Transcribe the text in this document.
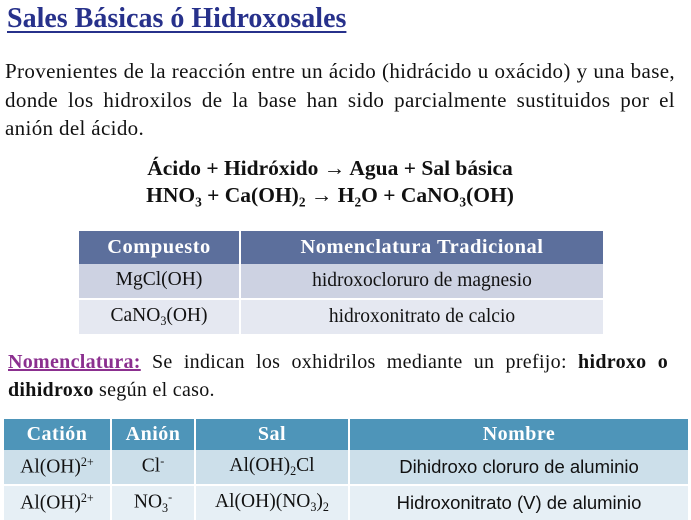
Sales Básicas ó Hidroxosales
Provenientes de la reacción entre un ácido (hidrácido u oxácido) y una base, donde los hidroxilos de la base han sido parcialmente sustituidos por el anión del ácido.
Ácido + Hidróxido → Agua + Sal básica
$HNO_3 + Ca(OH)_2 \to H_2O$ + CaNO$_3$(OH)
Compuesto	Nomenclatura Tradicional
MgCl(OH)	hidroxocloruro de magnesio
CaNO$_3$(OH)	hidroxonitrato de calcio
Nomenclatura: Se indican los oxhidrilos mediante un prefijo: hidroxo o dihidroxo según el caso.
Catión	Anión	Sal	Nombre
Al(OH)$^{2+}$	Cl-	$Al(OH)_2Cl$	Dihidroxo cloruro de aluminio
Al(OH)$^{2+}$	$NO_3^-$	$Al(OH)(NO_3)_2$	Hidroxonitrato (V) de aluminio
